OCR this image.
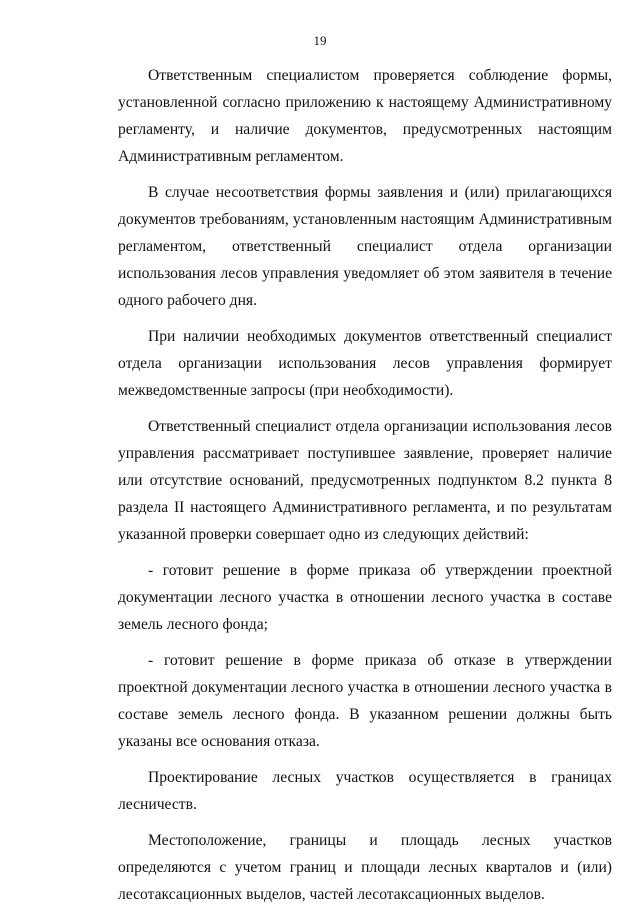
19

Ответственным специалистом проверяется соблюдение формы, установленной согласно приложению к настоящему Административному регламенту, и наличие документов, предусмотренных настоящим Административным регламентом.

В случае несоответствия формы заявления и (или) прилагающихся документов требованиям, установленным настоящим Административным регламентом, ответственный специалист отдела организации использования лесов управления уведомляет об этом заявителя в течение одного рабочего дня.

При наличии необходимых документов ответственный специалист отдела организации использования лесов управления формирует межведомственные запросы (при необходимости).

Ответственный специалист отдела организации использования лесов управления рассматривает поступившее заявление, проверяет наличие или отсутствие оснований, предусмотренных подпунктом 8.2 пункта 8 раздела II настоящего Административного регламента, и по результатам указанной проверки совершает одно из следующих действий:

- готовит решение в форме приказа об утверждении проектной документации лесного участка в отношении лесного участка в составе земель лесного фонда;

- готовит решение в форме приказа об отказе в утверждении проектной документации лесного участка в отношении лесного участка в составе земель лесного фонда. В указанном решении должны быть указаны все основания отказа.

Проектирование лесных участков осуществляется в границах лесничеств.

Местоположение, границы и площадь лесных участков определяются с учетом границ и площади лесных кварталов и (или) лесотаксационных выделов, частей лесотаксационных выделов.
